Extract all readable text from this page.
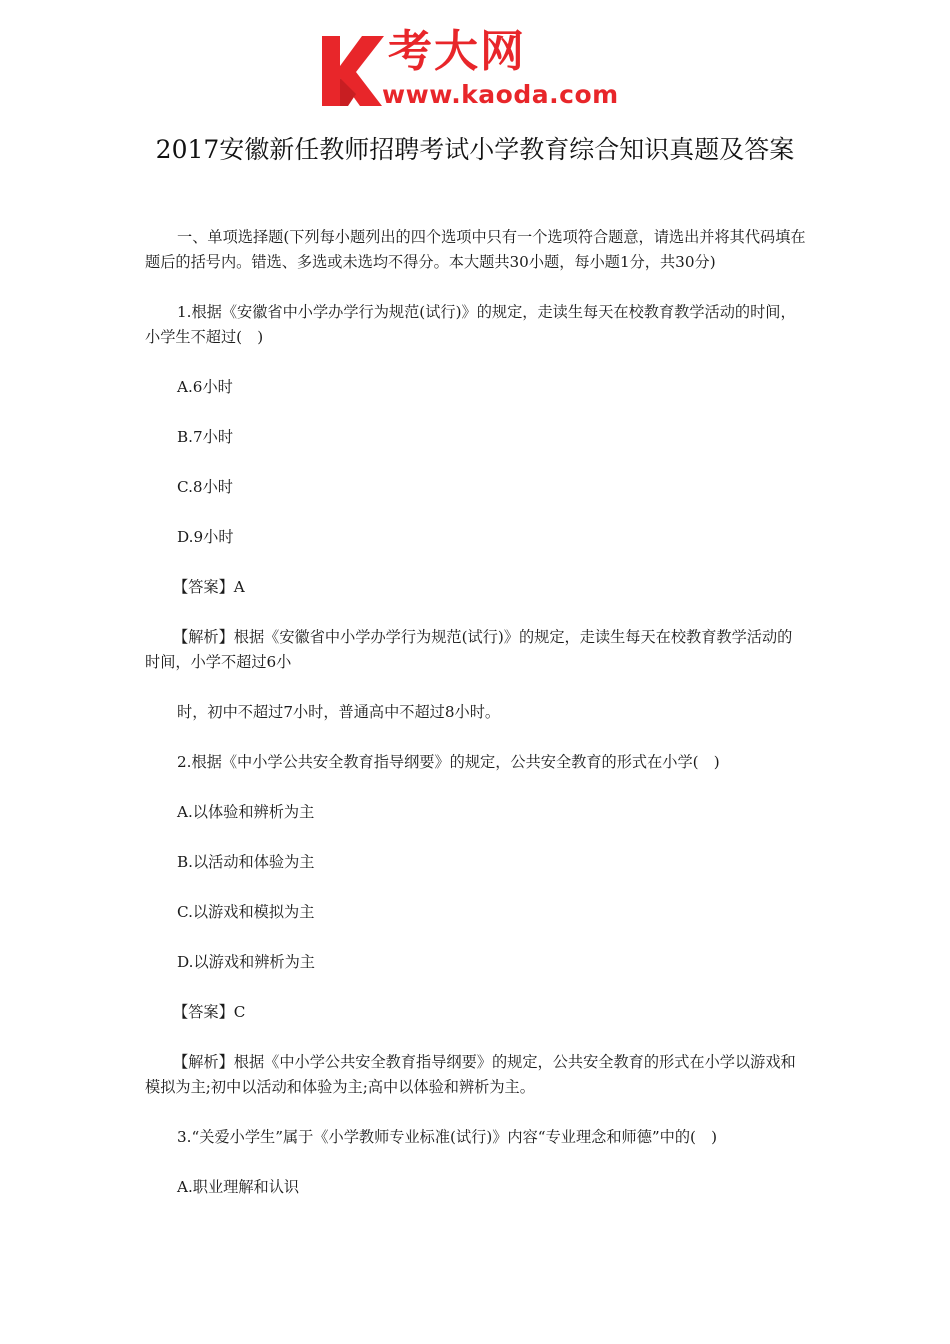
考大网
www.kaoda.com
2017安徽新任教师招聘考试小学教育综合知识真题及答案

一、单项选择题(下列每小题列出的四个选项中只有一个选项符合题意，请选出并将其代码填在题后的括号内。错选、多选或未选均不得分。本大题共30小题，每小题1分，共30分)

1.根据《安徽省中小学办学行为规范(试行)》的规定，走读生每天在校教育教学活动的时间，小学生不超过(　)

A.6小时

B.7小时

C.8小时

D.9小时

【答案】A

【解析】根据《安徽省中小学办学行为规范(试行)》的规定，走读生每天在校教育教学活动的时间，小学不超过6小

时，初中不超过7小时，普通高中不超过8小时。

2.根据《中小学公共安全教育指导纲要》的规定，公共安全教育的形式在小学(　)

A.以体验和辨析为主

B.以活动和体验为主

C.以游戏和模拟为主

D.以游戏和辨析为主

【答案】C

【解析】根据《中小学公共安全教育指导纲要》的规定，公共安全教育的形式在小学以游戏和模拟为主;初中以活动和体验为主;高中以体验和辨析为主。

3.“关爱小学生”属于《小学教师专业标准(试行)》内容“专业理念和师德”中的(　)

A.职业理解和认识
